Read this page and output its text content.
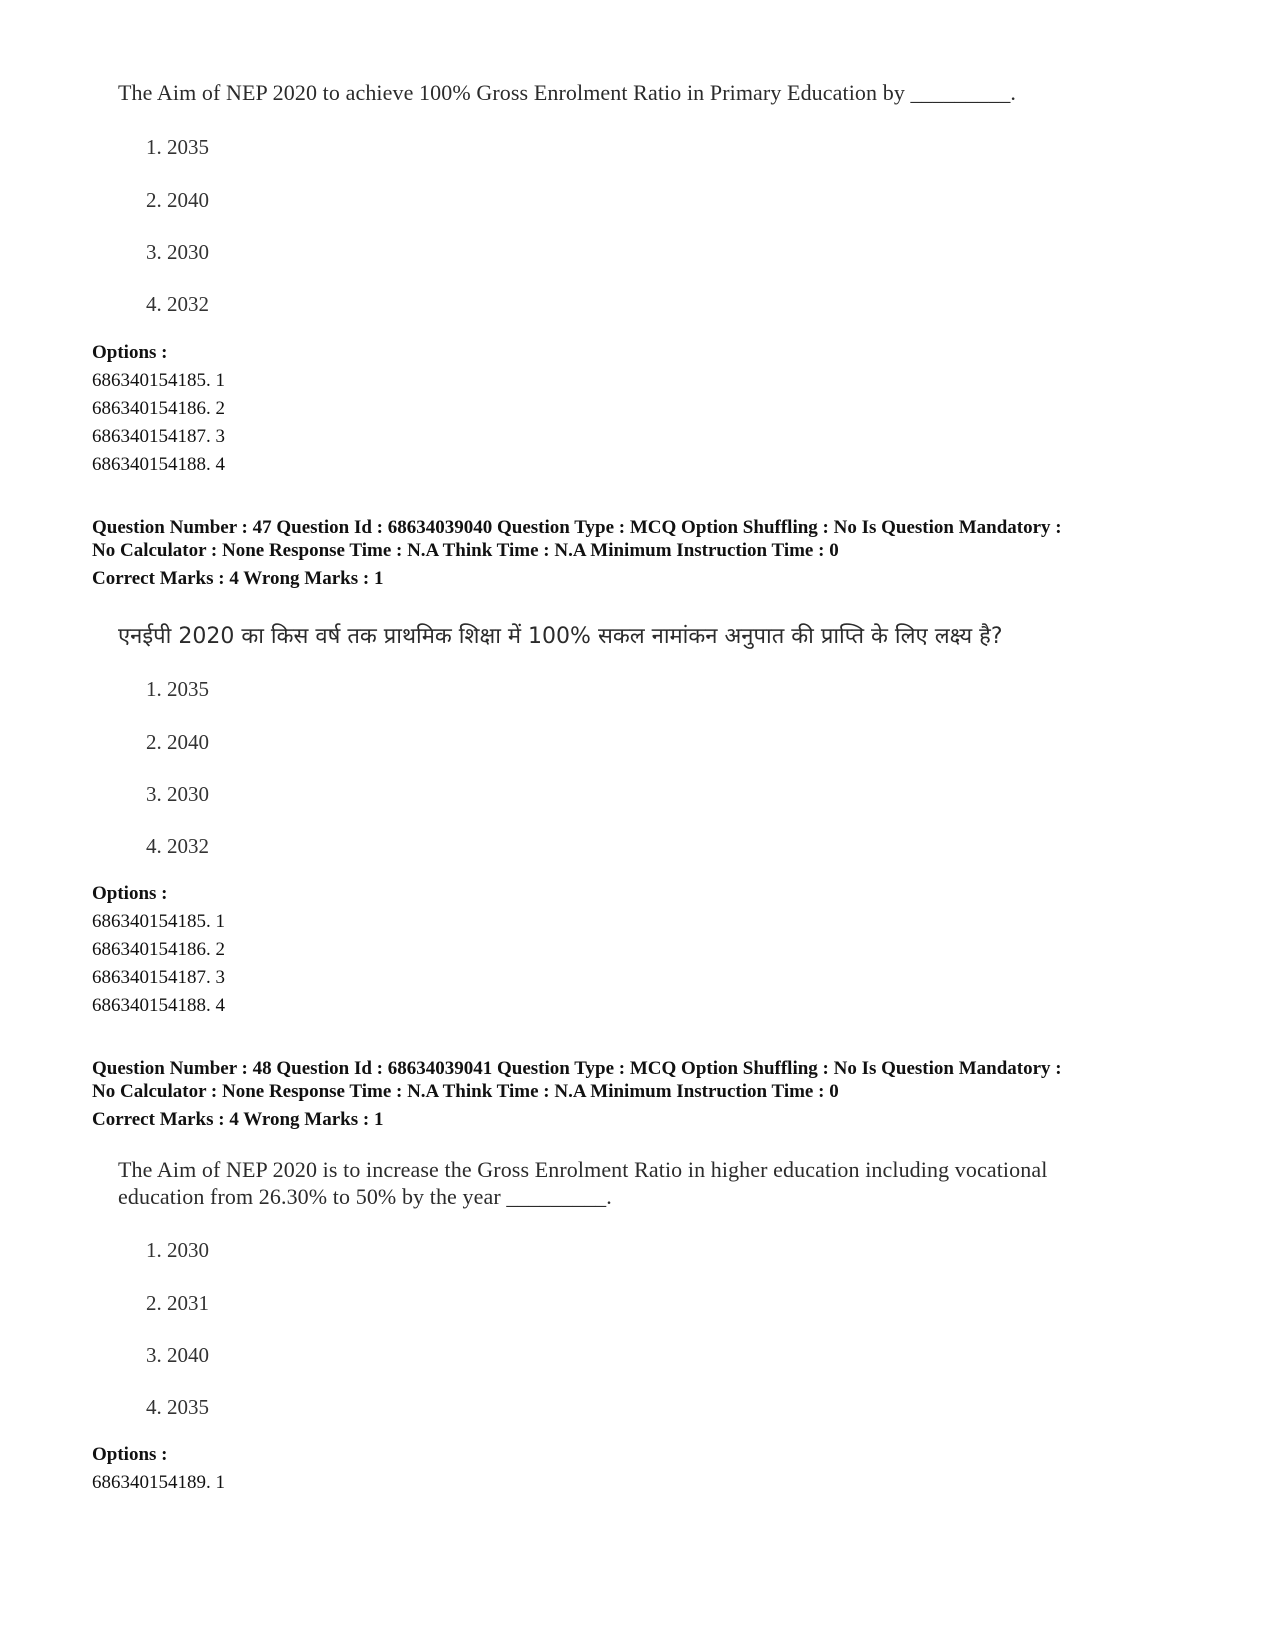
The Aim of NEP 2020 to achieve 100% Gross Enrolment Ratio in Primary Education by _________.
1. 2035
2. 2040
3. 2030
4. 2032
Options :
686340154185. 1
686340154186. 2
686340154187. 3
686340154188. 4
Question Number : 47 Question Id : 68634039040 Question Type : MCQ Option Shuffling : No Is Question Mandatory :
No Calculator : None Response Time : N.A Think Time : N.A Minimum Instruction Time : 0
Correct Marks : 4 Wrong Marks : 1
एनईपी 2020 का किस वर्ष तक प्राथमिक शिक्षा में 100% सकल नामांकन अनुपात की प्राप्ति के लिए लक्ष्य है?
1. 2035
2. 2040
3. 2030
4. 2032
Options :
686340154185. 1
686340154186. 2
686340154187. 3
686340154188. 4
Question Number : 48 Question Id : 68634039041 Question Type : MCQ Option Shuffling : No Is Question Mandatory :
No Calculator : None Response Time : N.A Think Time : N.A Minimum Instruction Time : 0
Correct Marks : 4 Wrong Marks : 1
The Aim of NEP 2020 is to increase the Gross Enrolment Ratio in higher education including vocational
education from 26.30% to 50% by the year _________.
1. 2030
2. 2031
3. 2040
4. 2035
Options :
686340154189. 1
